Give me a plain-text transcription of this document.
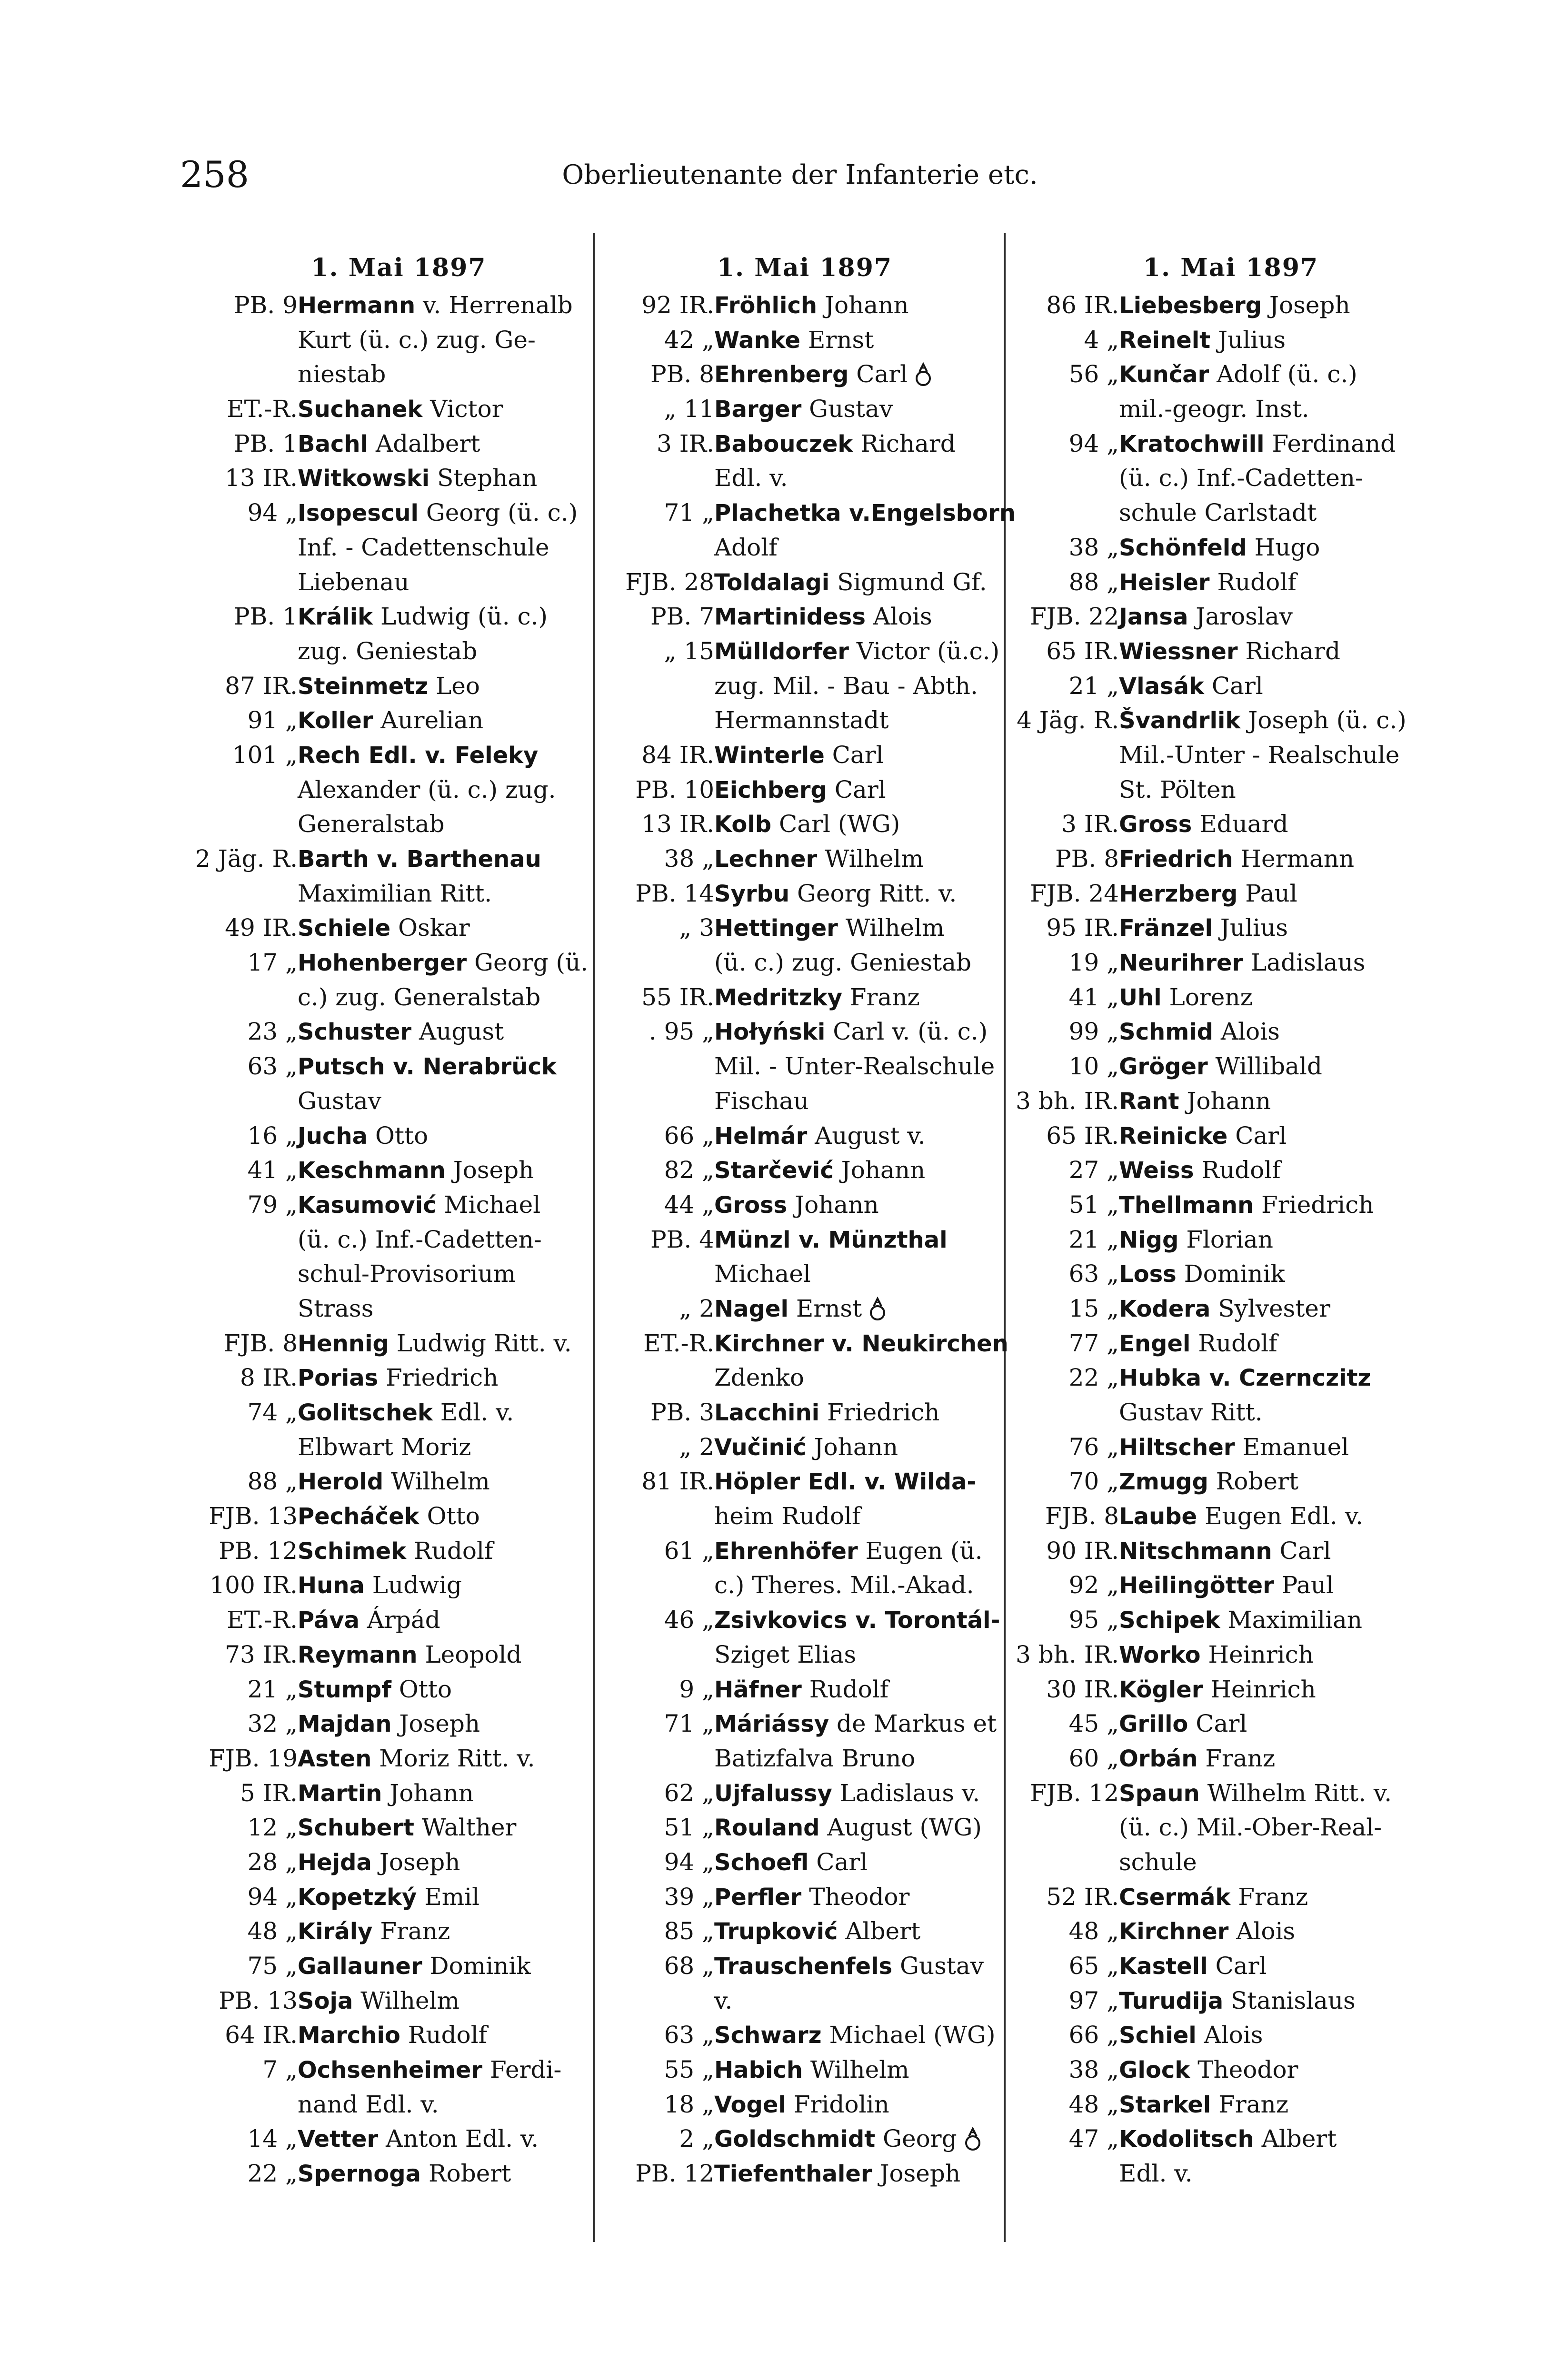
258	Oberlieutenante der Infanterie etc.
1. Mai 1897
PB. 9 Hermann v. Herrenalb
Kurt (ü. c.) zug. Ge-
niestab
ET.-R. Suchanek Victor
PB. 1 Bachl Adalbert
13 IR. Witkowski Stephan
94 „ Isopescul Georg (ü. c.)
Inf. - Cadettenschule
Liebenau
PB. 1 Králik Ludwig (ü. c.)
zug. Geniestab
87 IR. Steinmetz Leo
91 „ Koller Aurelian
101 „ Rech Edl. v. Feleky
Alexander (ü. c.) zug.
Generalstab
2 Jäg. R. Barth v. Barthenau
Maximilian Ritt.
49 IR. Schiele Oskar
17 „ Hohenberger Georg (ü.
c.) zug. Generalstab
23 „ Schuster August
63 „ Putsch v. Nerabrück
Gustav
16 „ Jucha Otto
41 „ Keschmann Joseph
79 „ Kasumović Michael
(ü. c.) Inf.-Cadetten-
schul-Provisorium
Strass
FJB. 8 Hennig Ludwig Ritt. v.
8 IR. Porias Friedrich
74 „ Golitschek Edl. v.
Elbwart Moriz
88 „ Herold Wilhelm
FJB. 13 Pecháček Otto
PB. 12 Schimek Rudolf
100 IR. Huna Ludwig
ET.-R. Páva Árpád
73 IR. Reymann Leopold
21 „ Stumpf Otto
32 „ Majdan Joseph
FJB. 19 Asten Moriz Ritt. v.
5 IR. Martin Johann
12 „ Schubert Walther
28 „ Hejda Joseph
94 „ Kopetzký Emil
48 „ Király Franz
75 „ Gallauner Dominik
PB. 13 Soja Wilhelm
64 IR. Marchio Rudolf
7 „ Ochsenheimer Ferdi-
nand Edl. v.
14 „ Vetter Anton Edl. v.
22 „ Spernoga Robert
1. Mai 1897
92 IR. Fröhlich Johann
42 „ Wanke Ernst
PB. 8 Ehrenberg Carl
„ 11 Barger Gustav
3 IR. Babouczek Richard
Edl. v.
71 „ Plachetka v.Engelsborn
Adolf
FJB. 28 Toldalagi Sigmund Gf.
PB. 7 Martinidess Alois
„ 15 Mülldorfer Victor (ü.c.)
zug. Mil. - Bau - Abth.
Hermannstadt
84 IR. Winterle Carl
PB. 10 Eichberg Carl
13 IR. Kolb Carl (WG)
38 „ Lechner Wilhelm
PB. 14 Syrbu Georg Ritt. v.
„ 3 Hettinger Wilhelm
(ü. c.) zug. Geniestab
55 IR. Medritzky Franz
. 95 „ Hołyński Carl v. (ü. c.)
Mil. - Unter-Realschule
Fischau
66 „ Helmár August v.
82 „ Starčević Johann
44 „ Gross Johann
PB. 4 Münzl v. Münzthal
Michael
„ 2 Nagel Ernst
ET.-R. Kirchner v. Neukirchen
Zdenko
PB. 3 Lacchini Friedrich
„ 2 Vučinić Johann
81 IR. Höpler Edl. v. Wilda-
heim Rudolf
61 „ Ehrenhöfer Eugen (ü.
c.) Theres. Mil.-Akad.
46 „ Zsivkovics v. Torontál-
Sziget Elias
9 „ Häfner Rudolf
71 „ Máriássy de Markus et
Batizfalva Bruno
62 „ Ujfalussy Ladislaus v.
51 „ Rouland August (WG)
94 „ Schoefl Carl
39 „ Perfler Theodor
85 „ Trupković Albert
68 „ Trauschenfels Gustav
v.
63 „ Schwarz Michael (WG)
55 „ Habich Wilhelm
18 „ Vogel Fridolin
2 „ Goldschmidt Georg
PB. 12 Tiefenthaler Joseph
1. Mai 1897
86 IR. Liebesberg Joseph
4 „ Reinelt Julius
56 „ Kunčar Adolf (ü. c.)
mil.-geogr. Inst.
94 „ Kratochwill Ferdinand
(ü. c.) Inf.-Cadetten-
schule Carlstadt
38 „ Schönfeld Hugo
88 „ Heisler Rudolf
FJB. 22 Jansa Jaroslav
65 IR. Wiessner Richard
21 „ Vlasák Carl
4 Jäg. R. Švandrlik Joseph (ü. c.)
Mil.-Unter - Realschule
St. Pölten
3 IR. Gross Eduard
PB. 8 Friedrich Hermann
FJB. 24 Herzberg Paul
95 IR. Fränzel Julius
19 „ Neurihrer Ladislaus
41 „ Uhl Lorenz
99 „ Schmid Alois
10 „ Gröger Willibald
3 bh. IR. Rant Johann
65 IR. Reinicke Carl
27 „ Weiss Rudolf
51 „ Thellmann Friedrich
21 „ Nigg Florian
63 „ Loss Dominik
15 „ Kodera Sylvester
77 „ Engel Rudolf
22 „ Hubka v. Czernczitz
Gustav Ritt.
76 „ Hiltscher Emanuel
70 „ Zmugg Robert
FJB. 8 Laube Eugen Edl. v.
90 IR. Nitschmann Carl
92 „ Heilingötter Paul
95 „ Schipek Maximilian
3 bh. IR. Worko Heinrich
30 IR. Kögler Heinrich
45 „ Grillo Carl
60 „ Orbán Franz
FJB. 12 Spaun Wilhelm Ritt. v.
(ü. c.) Mil.-Ober-Real-
schule
52 IR. Csermák Franz
48 „ Kirchner Alois
65 „ Kastell Carl
97 „ Turudija Stanislaus
66 „ Schiel Alois
38 „ Glock Theodor
48 „ Starkel Franz
47 „ Kodolitsch Albert
Edl. v.
